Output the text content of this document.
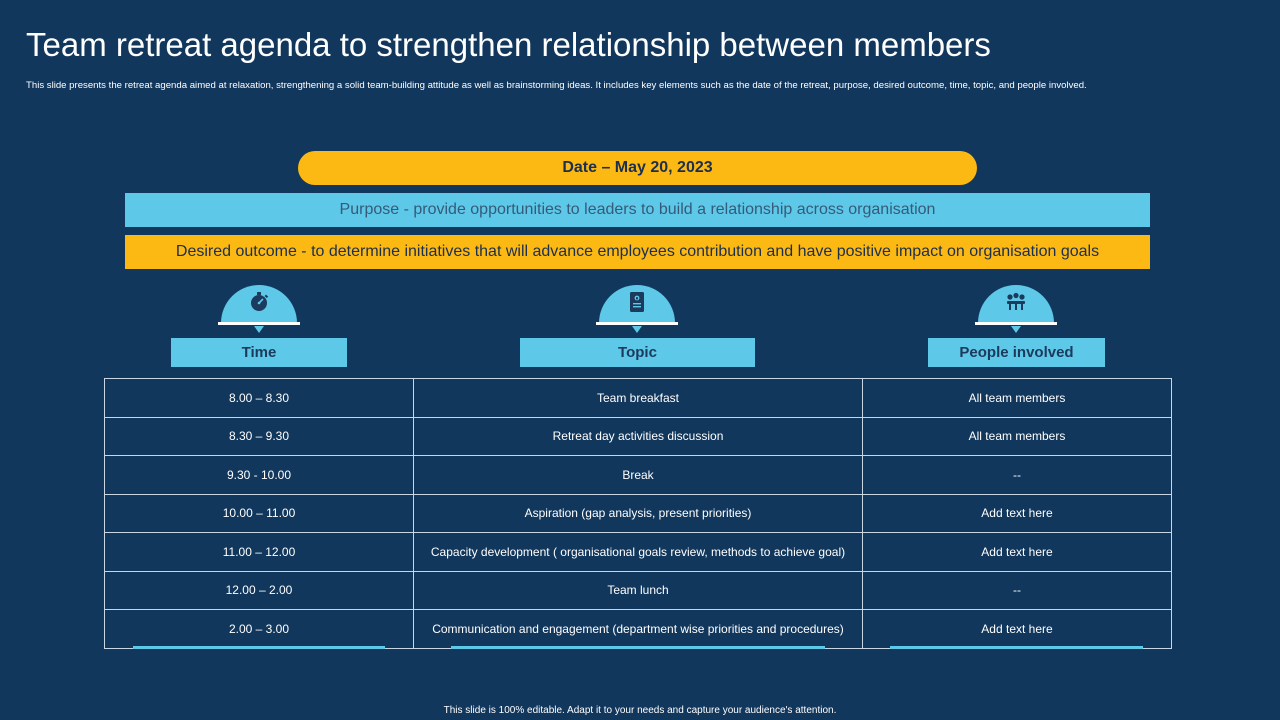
Team retreat agenda to strengthen relationship between members
This slide presents the retreat agenda aimed at relaxation, strengthening a solid team-building attitude as well as brainstorming ideas. It includes key elements such as the date of the retreat, purpose, desired outcome, time, topic, and people involved.
Date – May 20, 2023
Purpose - provide opportunities to leaders to build a relationship across organisation
Desired outcome - to determine initiatives that will advance employees contribution and have positive impact on organisation goals
Time	Topic	People involved
8.00 – 8.30	Team breakfast	All team members
8.30 – 9.30	Retreat day activities discussion	All team members
9.30 - 10.00	Break	--
10.00 – 11.00	Aspiration (gap analysis, present priorities)	Add text here
11.00 – 12.00	Capacity development ( organisational goals review, methods to achieve goal)	Add text here
12.00 – 2.00	Team lunch	--
2.00 – 3.00	Communication and engagement (department wise priorities and procedures)	Add text here
This slide is 100% editable. Adapt it to your needs and capture your audience's attention.
